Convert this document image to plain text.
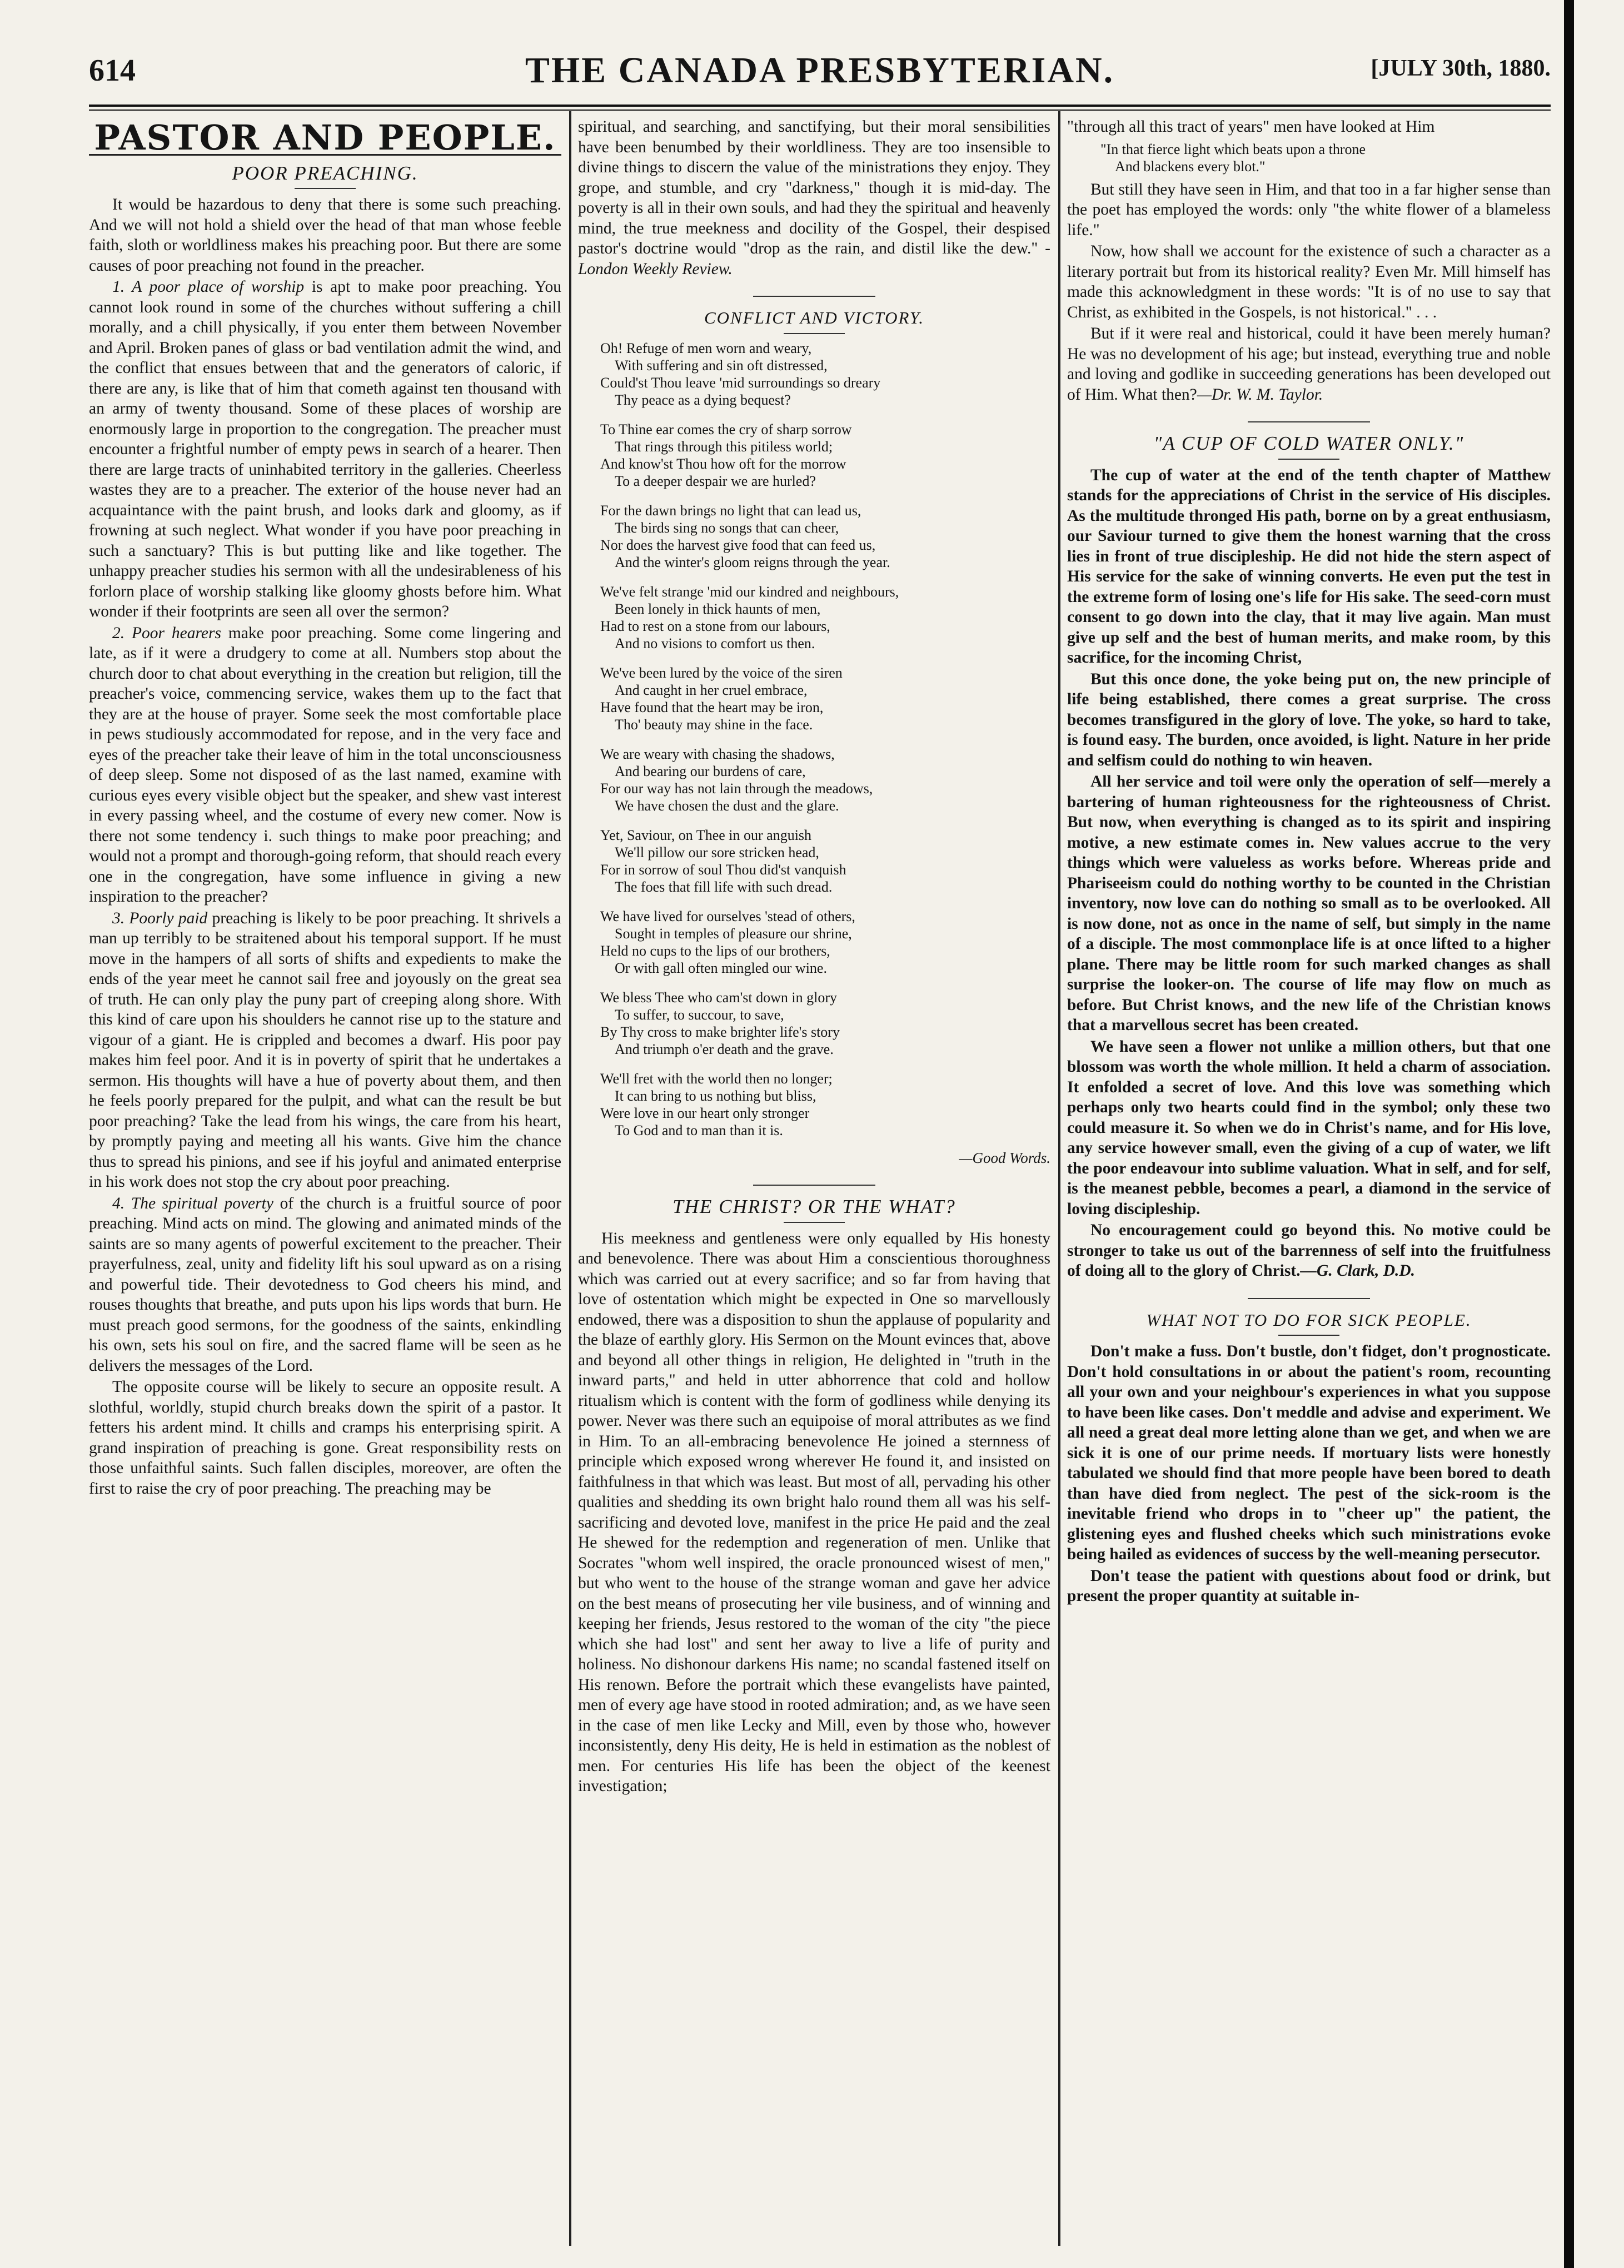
614	THE CANADA PRESBYTERIAN.	[JULY 30th, 1880.
PASTOR AND PEOPLE.
POOR PREACHING.

It would be hazardous to deny that there is some such preaching. And we will not hold a shield over the head of that man whose feeble faith, sloth or worldliness makes his preaching poor. But there are some causes of poor preaching not found in the preacher.

1. A poor place of worship is apt to make poor preaching. You cannot look round in some of the churches without suffering a chill morally, and a chill physically, if you enter them between November and April. Broken panes of glass or bad ventilation admit the wind, and the conflict that ensues between that and the generators of caloric, if there are any, is like that of him that cometh against ten thousand with an army of twenty thousand. Some of these places of worship are enormously large in proportion to the congregation. The preacher must encounter a frightful number of empty pews in search of a hearer. Then there are large tracts of uninhabited territory in the galleries. Cheerless wastes they are to a preacher. The exterior of the house never had an acquaintance with the paint brush, and looks dark and gloomy, as if frowning at such neglect. What wonder if you have poor preaching in such a sanctuary? This is but putting like and like together. The unhappy preacher studies his sermon with all the undesirableness of his forlorn place of worship stalking like gloomy ghosts before him. What wonder if their footprints are seen all over the sermon?

2. Poor hearers make poor preaching. Some come lingering and late, as if it were a drudgery to come at all. Numbers stop about the church door to chat about everything in the creation but religion, till the preacher's voice, commencing service, wakes them up to the fact that they are at the house of prayer. Some seek the most comfortable place in pews studiously accommodated for repose, and in the very face and eyes of the preacher take their leave of him in the total unconsciousness of deep sleep. Some not disposed of as the last named, examine with curious eyes every visible object but the speaker, and shew vast interest in every passing wheel, and the costume of every new comer. Now is there not some tendency i. such things to make poor preaching; and would not a prompt and thorough-going reform, that should reach every one in the congregation, have some influence in giving a new inspiration to the preacher?

3. Poorly paid preaching is likely to be poor preaching. It shrivels a man up terribly to be straitened about his temporal support. If he must move in the hampers of all sorts of shifts and expedients to make the ends of the year meet he cannot sail free and joyously on the great sea of truth. He can only play the puny part of creeping along shore. With this kind of care upon his shoulders he cannot rise up to the stature and vigour of a giant. He is crippled and becomes a dwarf. His poor pay makes him feel poor. And it is in poverty of spirit that he undertakes a sermon. His thoughts will have a hue of poverty about them, and then he feels poorly prepared for the pulpit, and what can the result be but poor preaching? Take the lead from his wings, the care from his heart, by promptly paying and meeting all his wants. Give him the chance thus to spread his pinions, and see if his joyful and animated enterprise in his work does not stop the cry about poor preaching.

4. The spiritual poverty of the church is a fruitful source of poor preaching. Mind acts on mind. The glowing and animated minds of the saints are so many agents of powerful excitement to the preacher. Their prayerfulness, zeal, unity and fidelity lift his soul upward as on a rising and powerful tide. Their devotedness to God cheers his mind, and rouses thoughts that breathe, and puts upon his lips words that burn. He must preach good sermons, for the goodness of the saints, enkindling his own, sets his soul on fire, and the sacred flame will be seen as he delivers the messages of the Lord.

The opposite course will be likely to secure an opposite result. A slothful, worldly, stupid church breaks down the spirit of a pastor. It fetters his ardent mind. It chills and cramps his enterprising spirit. A grand inspiration of preaching is gone. Great responsibility rests on those unfaithful saints. Such fallen disciples, moreover, are often the first to raise the cry of poor preaching. The preaching may be

spiritual, and searching, and sanctifying, but their moral sensibilities have been benumbed by their worldliness. They are too insensible to divine things to discern the value of the ministrations they enjoy. They grope, and stumble, and cry "darkness," though it is mid-day. The poverty is all in their own souls, and had they the spiritual and heavenly mind, the true meekness and docility of the Gospel, their despised pastor's doctrine would "drop as the rain, and distil like the dew." -London Weekly Review.

CONFLICT AND VICTORY.
Oh! Refuge of men worn and weary,
With suffering and sin oft distressed,
Could'st Thou leave 'mid surroundings so dreary
Thy peace as a dying bequest?
To Thine ear comes the cry of sharp sorrow
That rings through this pitiless world;
And know'st Thou how oft for the morrow
To a deeper despair we are hurled?
For the dawn brings no light that can lead us,
The birds sing no songs that can cheer,
Nor does the harvest give food that can feed us,
And the winter's gloom reigns through the year.
We've felt strange 'mid our kindred and neighbours,
Been lonely in thick haunts of men,
Had to rest on a stone from our labours,
And no visions to comfort us then.
We've been lured by the voice of the siren
And caught in her cruel embrace,
Have found that the heart may be iron,
Tho' beauty may shine in the face.
We are weary with chasing the shadows,
And bearing our burdens of care,
For our way has not lain through the meadows,
We have chosen the dust and the glare.
Yet, Saviour, on Thee in our anguish
We'll pillow our sore stricken head,
For in sorrow of soul Thou did'st vanquish
The foes that fill life with such dread.
We have lived for ourselves 'stead of others,
Sought in temples of pleasure our shrine,
Held no cups to the lips of our brothers,
Or with gall often mingled our wine.
We bless Thee who cam'st down in glory
To suffer, to succour, to save,
By Thy cross to make brighter life's story
And triumph o'er death and the grave.
We'll fret with the world then no longer;
It can bring to us nothing but bliss,
Were love in our heart only stronger
To God and to man than it is.
—Good Words.
THE CHRIST? OR THE WHAT?

His meekness and gentleness were only equalled by His honesty and benevolence. There was about Him a conscientious thoroughness which was carried out at every sacrifice; and so far from having that love of ostentation which might be expected in One so marvellously endowed, there was a disposition to shun the applause of popularity and the blaze of earthly glory. His Sermon on the Mount evinces that, above and beyond all other things in religion, He delighted in "truth in the inward parts," and held in utter abhorrence that cold and hollow ritualism which is content with the form of godliness while denying its power. Never was there such an equipoise of moral attributes as we find in Him. To an all-embracing benevolence He joined a sternness of principle which exposed wrong wherever He found it, and insisted on faithfulness in that which was least. But most of all, pervading his other qualities and shedding its own bright halo round them all was his self-sacrificing and devoted love, manifest in the price He paid and the zeal He shewed for the redemption and regeneration of men. Unlike that Socrates "whom well inspired, the oracle pronounced wisest of men," but who went to the house of the strange woman and gave her advice on the best means of prosecuting her vile business, and of winning and keeping her friends, Jesus restored to the woman of the city "the piece which she had lost" and sent her away to live a life of purity and holiness. No dishonour darkens His name; no scandal fastened itself on His renown. Before the portrait which these evangelists have painted, men of every age have stood in rooted admiration; and, as we have seen in the case of men like Lecky and Mill, even by those who, however inconsistently, deny His deity, He is held in estimation as the noblest of men. For centuries His life has been the object of the keenest investigation;

"through all this tract of years" men have looked at Him

"In that fierce light which beats upon a throne
And blackens every blot."

But still they have seen in Him, and that too in a far higher sense than the poet has employed the words: only "the white flower of a blameless life."

Now, how shall we account for the existence of such a character as a literary portrait but from its historical reality? Even Mr. Mill himself has made this acknowledgment in these words: "It is of no use to say that Christ, as exhibited in the Gospels, is not historical." . . .

But if it were real and historical, could it have been merely human? He was no development of his age; but instead, everything true and noble and loving and godlike in succeeding generations has been developed out of Him. What then?—Dr. W. M. Taylor.

"A CUP OF COLD WATER ONLY."

The cup of water at the end of the tenth chapter of Matthew stands for the appreciations of Christ in the service of His disciples. As the multitude thronged His path, borne on by a great enthusiasm, our Saviour turned to give them the honest warning that the cross lies in front of true discipleship. He did not hide the stern aspect of His service for the sake of winning converts. He even put the test in the extreme form of losing one's life for His sake. The seed-corn must consent to go down into the clay, that it may live again. Man must give up self and the best of human merits, and make room, by this sacrifice, for the incoming Christ,

But this once done, the yoke being put on, the new principle of life being established, there comes a great surprise. The cross becomes transfigured in the glory of love. The yoke, so hard to take, is found easy. The burden, once avoided, is light. Nature in her pride and selfism could do nothing to win heaven.

All her service and toil were only the operation of self—merely a bartering of human righteousness for the righteousness of Christ. But now, when everything is changed as to its spirit and inspiring motive, a new estimate comes in. New values accrue to the very things which were valueless as works before. Whereas pride and Phariseeism could do nothing worthy to be counted in the Christian inventory, now love can do nothing so small as to be overlooked. All is now done, not as once in the name of self, but simply in the name of a disciple. The most commonplace life is at once lifted to a higher plane. There may be little room for such marked changes as shall surprise the looker-on. The course of life may flow on much as before. But Christ knows, and the new life of the Christian knows that a marvellous secret has been created.

We have seen a flower not unlike a million others, but that one blossom was worth the whole million. It held a charm of association. It enfolded a secret of love. And this love was something which perhaps only two hearts could find in the symbol; only these two could measure it. So when we do in Christ's name, and for His love, any service however small, even the giving of a cup of water, we lift the poor endeavour into sublime valuation. What in self, and for self, is the meanest pebble, becomes a pearl, a diamond in the service of loving discipleship.

No encouragement could go beyond this. No motive could be stronger to take us out of the barrenness of self into the fruitfulness of doing all to the glory of Christ.—G. Clark, D.D.

WHAT NOT TO DO FOR SICK PEOPLE.

Don't make a fuss. Don't bustle, don't fidget, don't prognosticate. Don't hold consultations in or about the patient's room, recounting all your own and your neighbour's experiences in what you suppose to have been like cases. Don't meddle and advise and experiment. We all need a great deal more letting alone than we get, and when we are sick it is one of our prime needs. If mortuary lists were honestly tabulated we should find that more people have been bored to death than have died from neglect. The pest of the sick-room is the inevitable friend who drops in to "cheer up" the patient, the glistening eyes and flushed cheeks which such ministrations evoke being hailed as evidences of success by the well-meaning persecutor.

Don't tease the patient with questions about food or drink, but present the proper quantity at suitable in-
